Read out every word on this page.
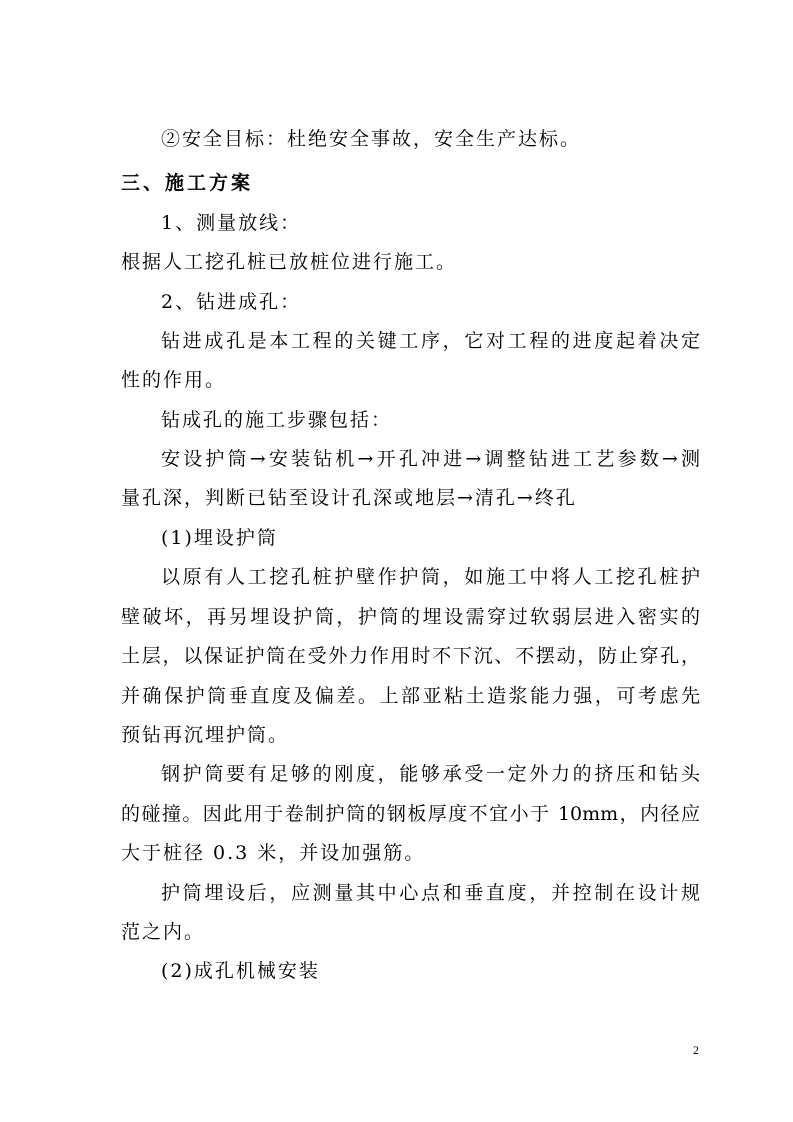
②安全目标：杜绝安全事故，安全生产达标。
三、施工方案
1、测量放线：
根据人工挖孔桩已放桩位进行施工。
2、钻进成孔：
钻进成孔是本工程的关键工序，它对工程的进度起着决定
性的作用。
钻成孔的施工步骤包括：
安设护筒→安装钻机→开孔冲进→调整钻进工艺参数→测
量孔深，判断已钻至设计孔深或地层→清孔→终孔
(1)埋设护筒
以原有人工挖孔桩护壁作护筒，如施工中将人工挖孔桩护
壁破坏，再另埋设护筒，护筒的埋设需穿过软弱层进入密实的
土层，以保证护筒在受外力作用时不下沉、不摆动，防止穿孔，
并确保护筒垂直度及偏差。上部亚粘土造浆能力强，可考虑先
预钻再沉埋护筒。
钢护筒要有足够的刚度，能够承受一定外力的挤压和钻头
的碰撞。因此用于卷制护筒的钢板厚度不宜小于 10mm，内径应
大于桩径 0.3 米，并设加强筋。
护筒埋设后，应测量其中心点和垂直度，并控制在设计规
范之内。
(2)成孔机械安装
2
